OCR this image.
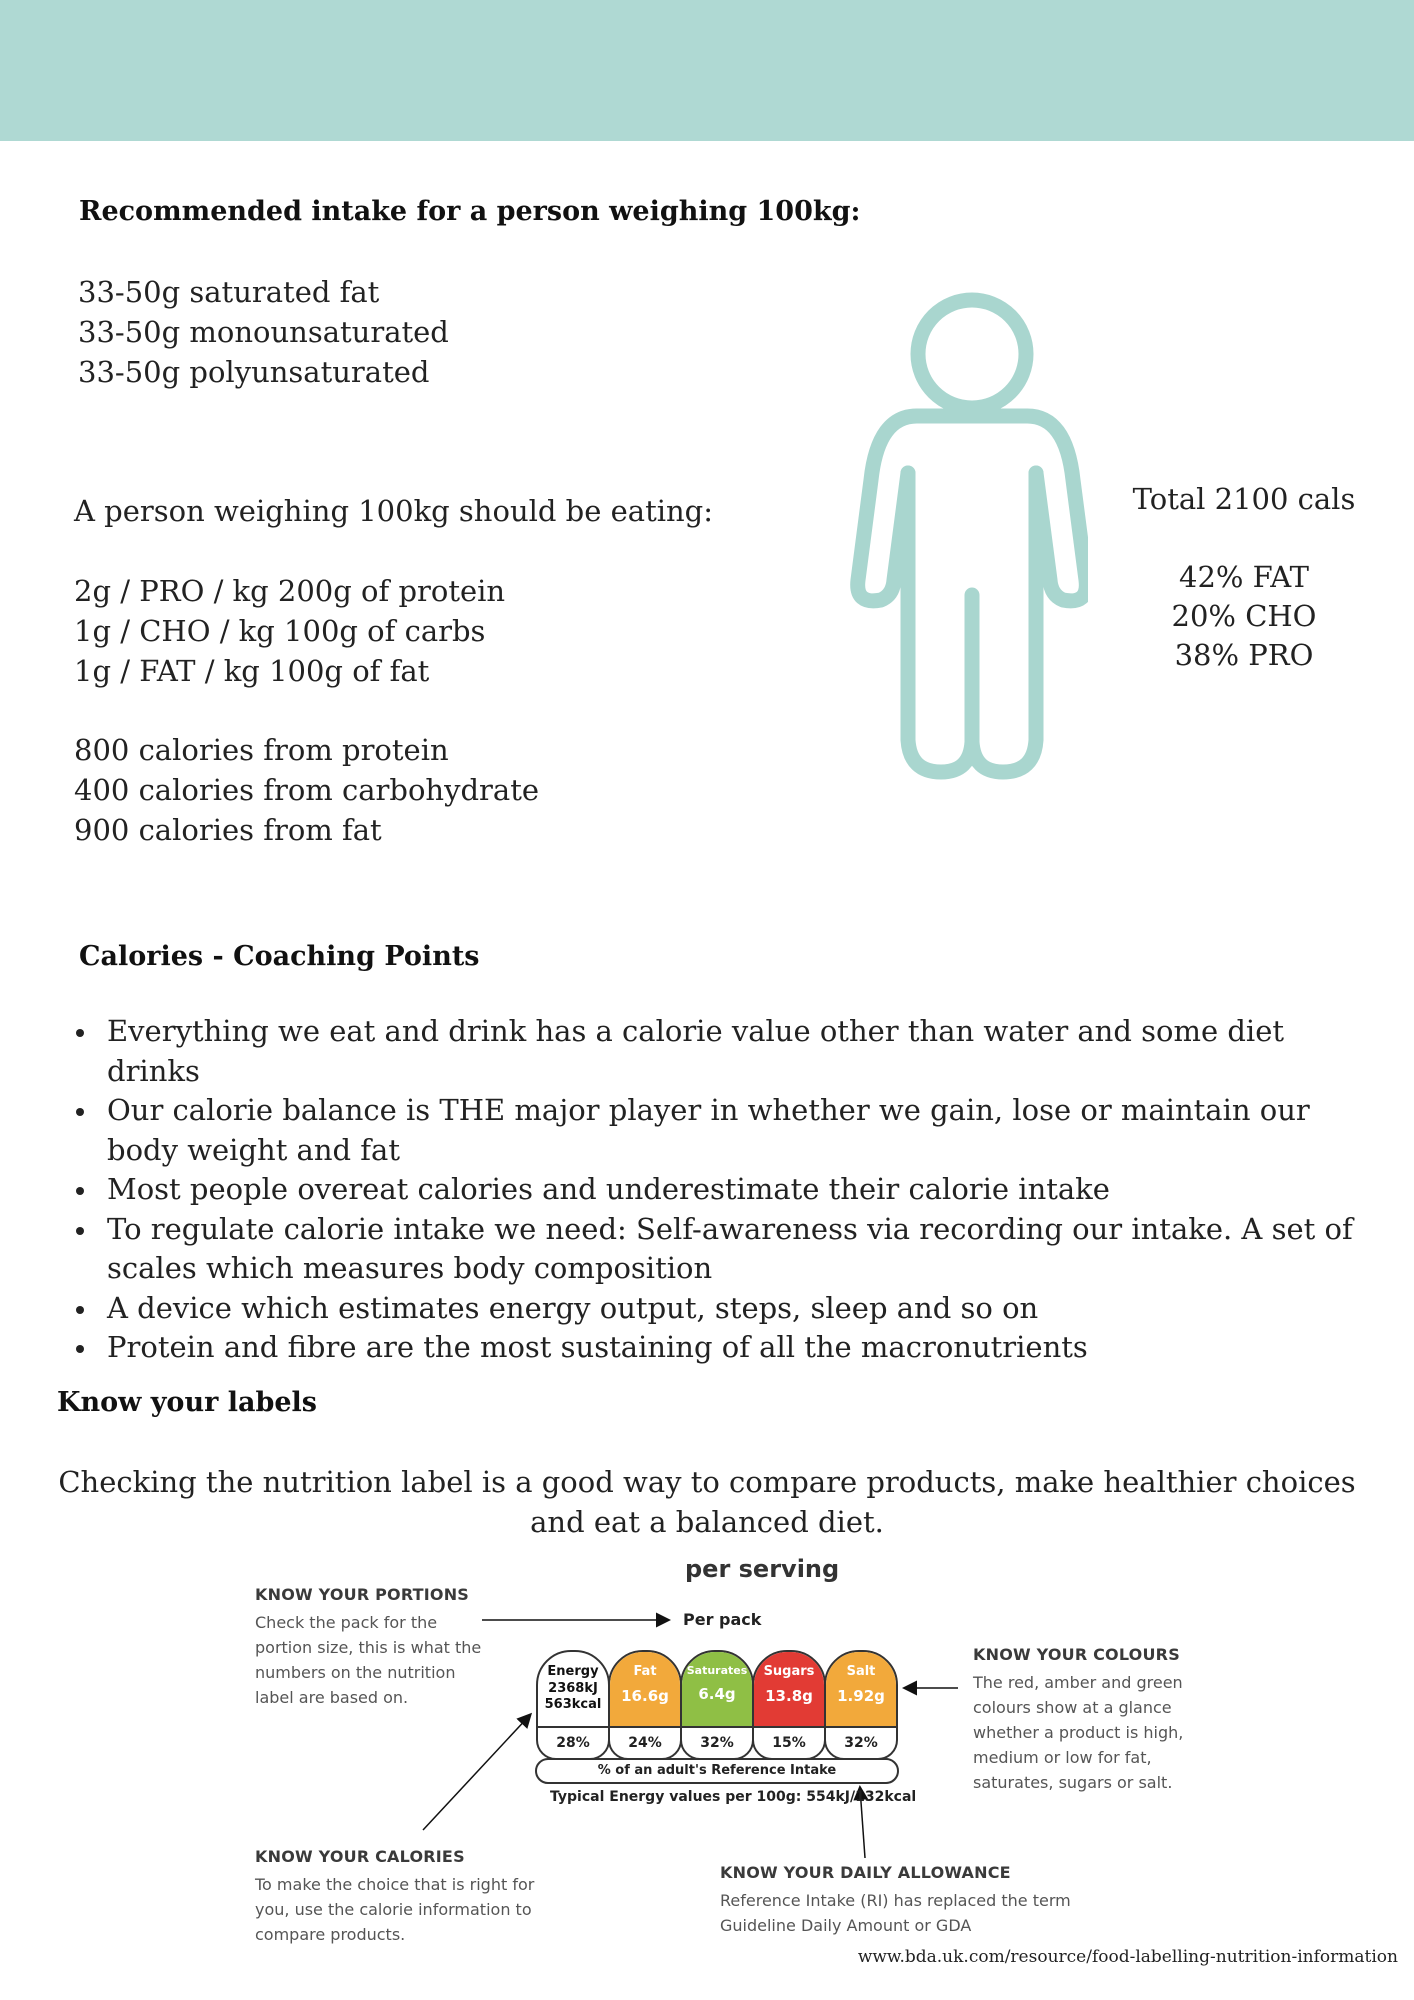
Recommended intake for a person weighing 100kg:
33-50g saturated fat
33-50g monounsaturated
33-50g polyunsaturated
A person weighing 100kg should be eating:
2g / PRO / kg 200g of protein
1g / CHO / kg 100g of carbs
1g / FAT / kg 100g of fat
800 calories from protein
400 calories from carbohydrate
900 calories from fat
Total 2100 cals
42% FAT
20% CHO
38% PRO
Calories - Coaching Points
Everything we eat and drink has a calorie value other than water and some diet drinks
Our calorie balance is THE major player in whether we gain, lose or maintain our body weight and fat
Most people overeat calories and underestimate their calorie intake
To regulate calorie intake we need: Self-awareness via recording our intake. A set of scales which measures body composition
A device which estimates energy output, steps, sleep and so on
Protein and fibre are the most sustaining of all the macronutrients
Know your labels
Checking the nutrition label is a good way to compare products, make healthier choices and eat a balanced diet.
per serving
Per pack
Energy
2368kJ 563kcal
28%
Fat
16.6g
24%
Saturates
6.4g
32%
Sugars
13.8g
15%
Salt
1.92g
32%
% of an adult's Reference Intake
Typical Energy values per 100g: 554kJ/132kcal
KNOW YOUR PORTIONS
Check the pack for the portion size, this is what the numbers on the nutrition label are based on.
KNOW YOUR COLOURS
The red, amber and green colours show at a glance whether a product is high, medium or low for fat, saturates, sugars or salt.
KNOW YOUR CALORIES
To make the choice that is right for you, use the calorie information to compare products.
KNOW YOUR DAILY ALLOWANCE
Reference Intake (RI) has replaced the term Guideline Daily Amount or GDA
www.bda.uk.com/resource/food-labelling-nutrition-information
